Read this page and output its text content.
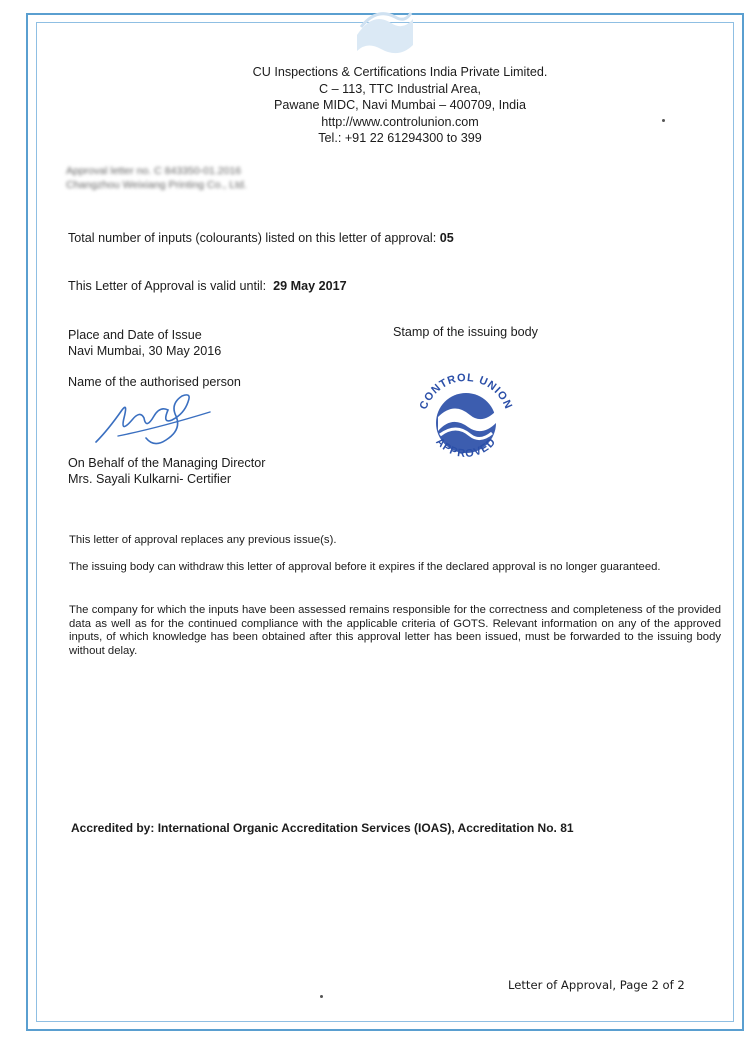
CU Inspections & Certifications India Private Limited.
C – 113, TTC Industrial Area,
Pawane MIDC, Navi Mumbai – 400709, India
http://www.controlunion.com
Tel.: +91 22 61294300 to 399
Approval letter no. C 843350-01.2016
Changzhou Weixiang Printing Co., Ltd.
Total number of inputs (colourants) listed on this letter of approval: 05
This Letter of Approval is valid until: 29 May 2017
Place and Date of Issue
Navi Mumbai, 30 May 2016
Stamp of the issuing body
Name of the authorised person
CONTROL UNION
APPROVED
On Behalf of the Managing Director
Mrs. Sayali Kulkarni- Certifier
This letter of approval replaces any previous issue(s).
The issuing body can withdraw this letter of approval before it expires if the declared approval is no longer guaranteed.
The company for which the inputs have been assessed remains responsible for the correctness and completeness of the provided data as well as for the continued compliance with the applicable criteria of GOTS. Relevant information on any of the approved inputs, of which knowledge has been obtained after this approval letter has been issued, must be forwarded to the issuing body without delay.
Accredited by: International Organic Accreditation Services (IOAS), Accreditation No. 81
Letter of Approval, Page 2 of 2
